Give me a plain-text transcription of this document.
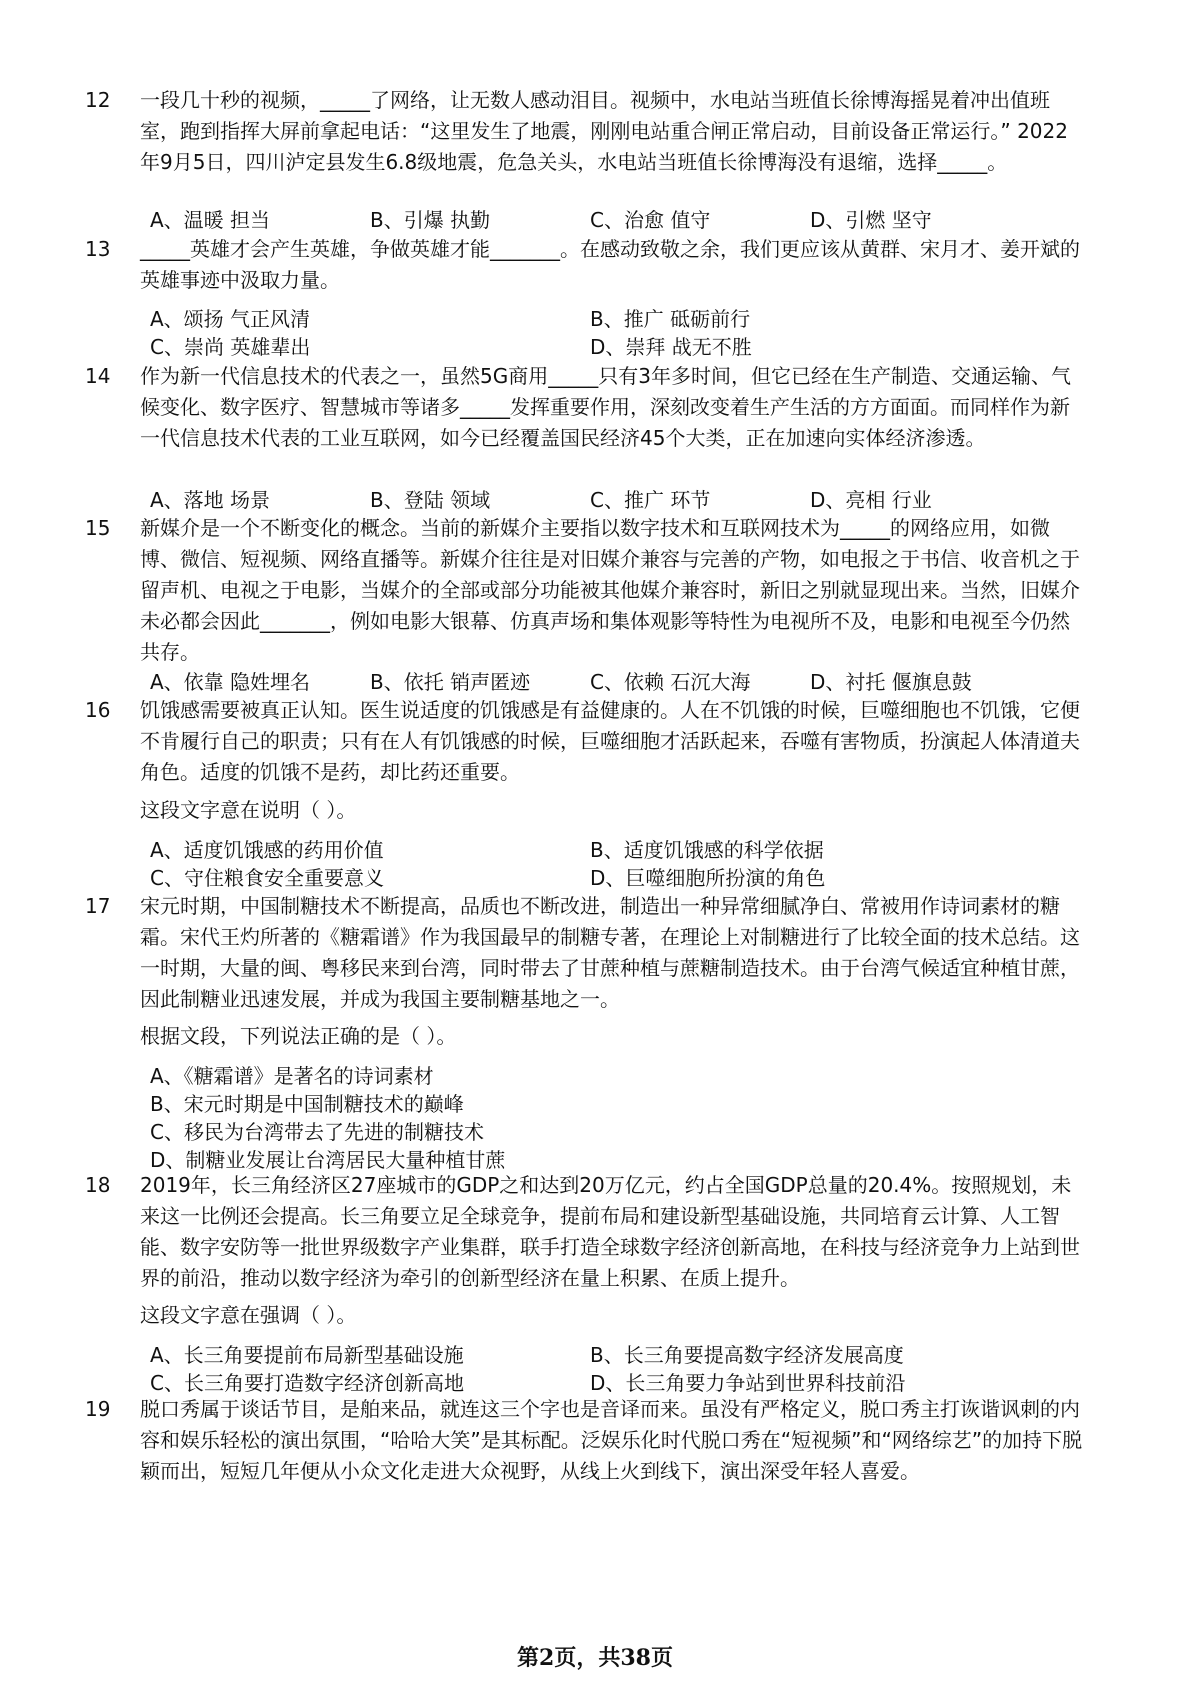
12 一段几十秒的视频，_____了网络，让无数人感动泪目。视频中，水电站当班值长徐博海摇晃着冲出值班室，跑到指挥大屏前拿起电话：“这里发生了地震，刚刚电站重合闸正常启动，目前设备正常运行。” 2022年9月5日，四川泸定县发生6.8级地震，危急关头，水电站当班值长徐博海没有退缩，选择_____。
A、温暖 担当	B、引爆 执勤	C、治愈 值守	D、引燃 坚守
13 _____英雄才会产生英雄，争做英雄才能_______。在感动致敬之余，我们更应该从黄群、宋月才、姜开斌的英雄事迹中汲取力量。
A、颂扬 气正风清	B、推广 砥砺前行
C、崇尚 英雄辈出	D、崇拜 战无不胜
14 作为新一代信息技术的代表之一，虽然5G商用_____只有3年多时间，但它已经在生产制造、交通运输、气候变化、数字医疗、智慧城市等诸多_____发挥重要作用，深刻改变着生产生活的方方面面。而同样作为新一代信息技术代表的工业互联网，如今已经覆盖国民经济45个大类，正在加速向实体经济渗透。
A、落地 场景	B、登陆 领域	C、推广 环节	D、亮相 行业
15 新媒介是一个不断变化的概念。当前的新媒介主要指以数字技术和互联网技术为_____的网络应用，如微博、微信、短视频、网络直播等。新媒介往往是对旧媒介兼容与完善的产物，如电报之于书信、收音机之于留声机、电视之于电影，当媒介的全部或部分功能被其他媒介兼容时，新旧之别就显现出来。当然，旧媒介未必都会因此_______，例如电影大银幕、仿真声场和集体观影等特性为电视所不及，电影和电视至今仍然共存。
A、依靠 隐姓埋名	B、依托 销声匿迹	C、依赖 石沉大海	D、衬托 偃旗息鼓
16 饥饿感需要被真正认知。医生说适度的饥饿感是有益健康的。人在不饥饿的时候，巨噬细胞也不饥饿，它便不肯履行自己的职责；只有在人有饥饿感的时候，巨噬细胞才活跃起来，吞噬有害物质，扮演起人体清道夫角色。适度的饥饿不是药，却比药还重要。
这段文字意在说明（ ）。
A、适度饥饿感的药用价值	B、适度饥饿感的科学依据
C、守住粮食安全重要意义	D、巨噬细胞所扮演的角色
17 宋元时期，中国制糖技术不断提高，品质也不断改进，制造出一种异常细腻净白、常被用作诗词素材的糖霜。宋代王灼所著的《糖霜谱》作为我国最早的制糖专著，在理论上对制糖进行了比较全面的技术总结。这一时期，大量的闽、粤移民来到台湾，同时带去了甘蔗种植与蔗糖制造技术。由于台湾气候适宜种植甘蔗，因此制糖业迅速发展，并成为我国主要制糖基地之一。
根据文段，下列说法正确的是（ ）。
A、《糖霜谱》是著名的诗词素材
B、宋元时期是中国制糖技术的巅峰
C、移民为台湾带去了先进的制糖技术
D、制糖业发展让台湾居民大量种植甘蔗
18 2019年，长三角经济区27座城市的GDP之和达到20万亿元，约占全国GDP总量的20.4%。按照规划，未来这一比例还会提高。长三角要立足全球竞争，提前布局和建设新型基础设施，共同培育云计算、人工智能、数字安防等一批世界级数字产业集群，联手打造全球数字经济创新高地，在科技与经济竞争力上站到世界的前沿，推动以数字经济为牵引的创新型经济在量上积累、在质上提升。
这段文字意在强调（ ）。
A、长三角要提前布局新型基础设施	B、长三角要提高数字经济发展高度
C、长三角要打造数字经济创新高地	D、长三角要力争站到世界科技前沿
19 脱口秀属于谈话节目，是舶来品，就连这三个字也是音译而来。虽没有严格定义，脱口秀主打诙谐讽刺的内容和娱乐轻松的演出氛围，“哈哈大笑”是其标配。泛娱乐化时代脱口秀在“短视频”和“网络综艺”的加持下脱颖而出，短短几年便从小众文化走进大众视野，从线上火到线下，演出深受年轻人喜爱。
第2页，共38页
